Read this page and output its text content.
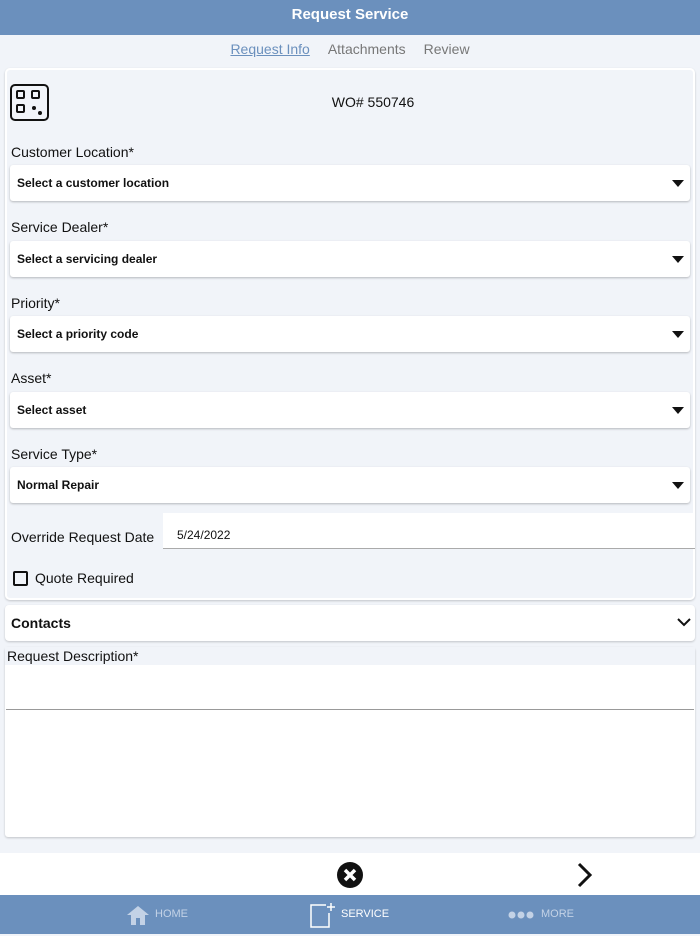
Request Service
Request Info Attachments Review
WO# 550746
Customer Location*
Select a customer location
Service Dealer*
Select a servicing dealer
Priority*
Select a priority code
Asset*
Select asset
Service Type*
Normal Repair
Override Request Date	5/24/2022
Quote Required
Contacts
Request Description*
HOME	SERVICE	MORE
